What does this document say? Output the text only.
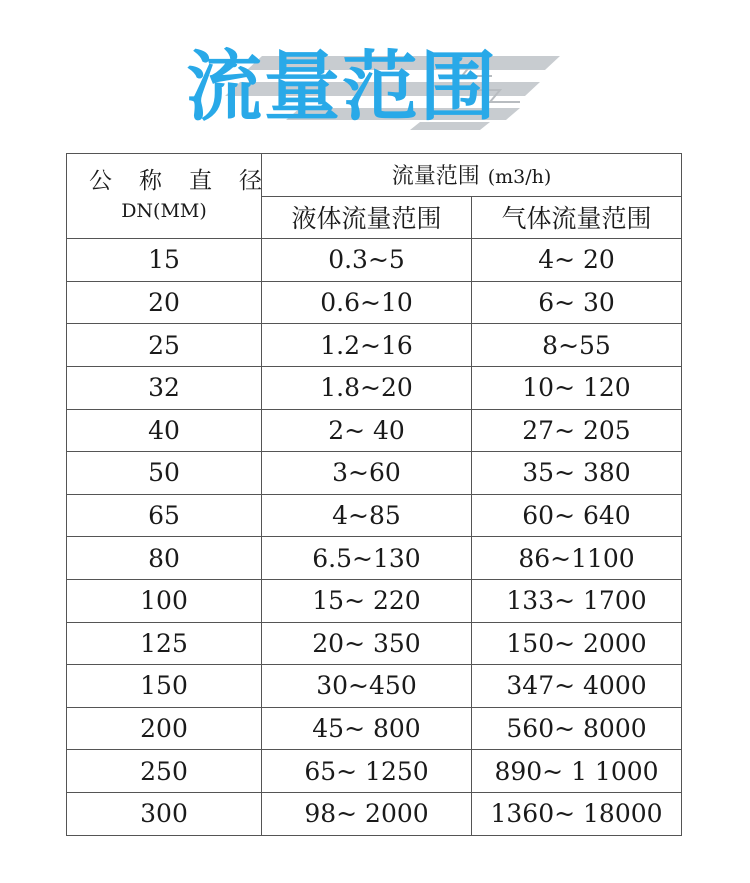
流量范围
公称直径
DN(MM)	流量范围 (m3/h)	
	液体流量范围	气体流量范围
15	0.3~5	4~ 20
20	0.6~10	6~ 30
25	1.2~16	8~55
32	1.8~20	10~ 120
40	2~ 40	27~ 205
50	3~60	35~ 380
65	4~85	60~ 640
80	6.5~130	86~1100
100	15~ 220	133~ 1700
125	20~ 350	150~ 2000
150	30~450	347~ 4000
200	45~ 800	560~ 8000
250	65~ 1250	890~ 1 1000
300	98~ 2000	1360~ 18000
